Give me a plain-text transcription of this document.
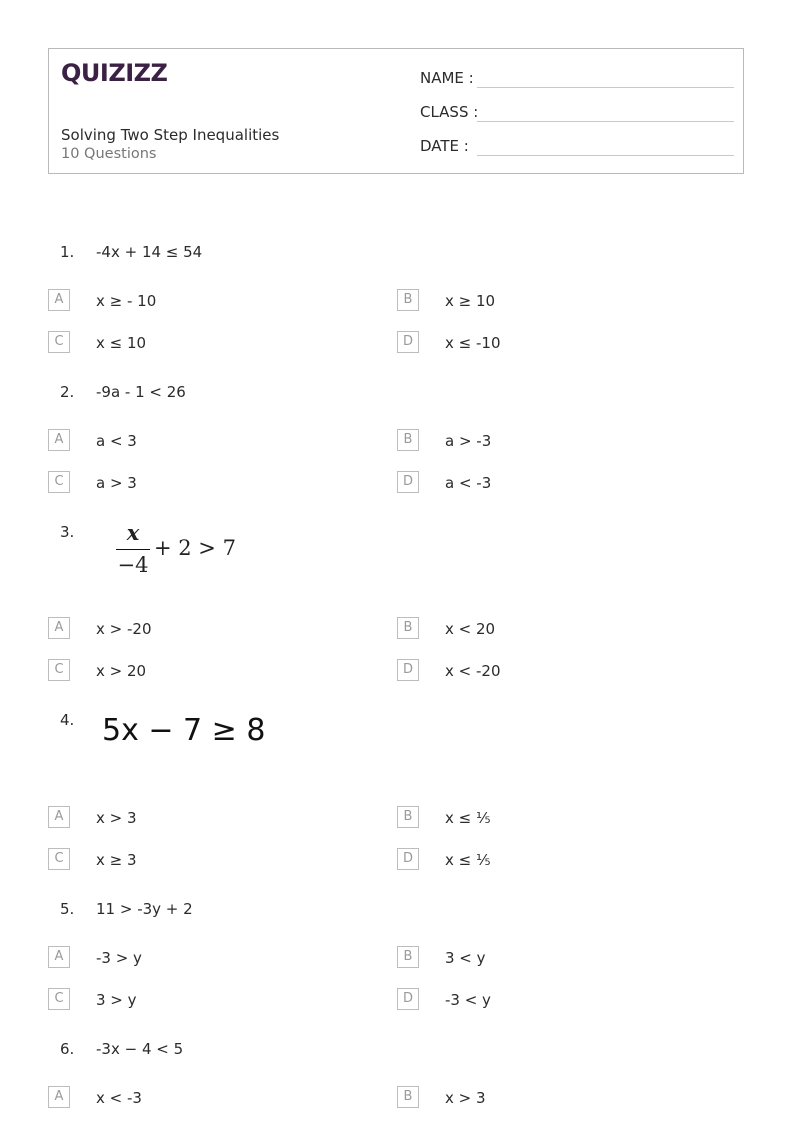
QUIZIZZ
Solving Two Step Inequalities
10 Questions
NAME :
CLASS :
DATE :
1. -4x + 14 ≤ 54
A	x ≥ - 10	B	x ≥ 10
C	x ≤ 10	D	x ≤ -10
2. -9a - 1 < 26
A	a < 3	B	a > -3
C	a > 3	D	a < -3
3.	x
−4
+ 2 > 7
A	x > -20	B	x < 20
C	x > 20	D	x < -20
4. 5x − 7 ≥ 8
A	x > 3	B	x ≤ ⅕
C	x ≥ 3	D	x ≤ ⅕
5. 11 > -3y + 2
A	-3 > y	B	3 < y
C	3 > y	D	-3 < y
6. -3x − 4 < 5
A	x < -3	B	x > 3
